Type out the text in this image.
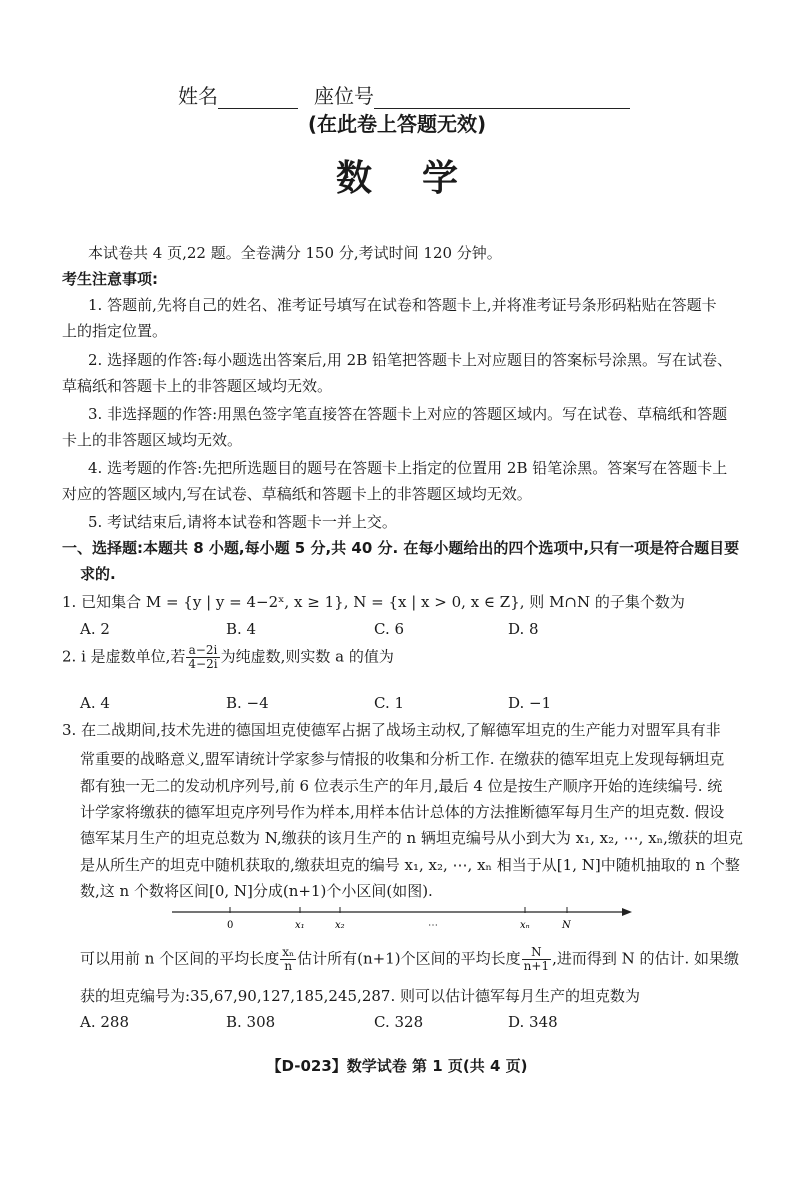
姓名	座位号
(在此卷上答题无效)
数学
本试卷共 4 页,22 题。全卷满分 150 分,考试时间 120 分钟。
考生注意事项:
1. 答题前,先将自己的姓名、准考证号填写在试卷和答题卡上,并将准考证号条形码粘贴在答题卡
上的指定位置。
2. 选择题的作答:每小题选出答案后,用 2B 铅笔把答题卡上对应题目的答案标号涂黑。写在试卷、
草稿纸和答题卡上的非答题区域均无效。
3. 非选择题的作答:用黑色签字笔直接答在答题卡上对应的答题区域内。写在试卷、草稿纸和答题
卡上的非答题区域均无效。
4. 选考题的作答:先把所选题目的题号在答题卡上指定的位置用 2B 铅笔涂黑。答案写在答题卡上
对应的答题区域内,写在试卷、草稿纸和答题卡上的非答题区域均无效。
5. 考试结束后,请将本试卷和答题卡一并上交。
一、选择题:本题共 8 小题,每小题 5 分,共 40 分. 在每小题给出的四个选项中,只有一项是符合题目要
求的.
1. 已知集合 M = {y | y = 4−2ˣ, x ≥ 1}, N = {x | x > 0, x ∈ Z}, 则 M∩N 的子集个数为
A. 2	B. 4	C. 6	D. 8
2. i 是虚数单位,若 $\frac{a-2i}{4-2i}$ 为纯虚数,则实数 a 的值为
A. 4	B. −4	C. 1	D. −1
3. 在二战期间,技术先进的德国坦克使德军占据了战场主动权,了解德军坦克的生产能力对盟军具有非
常重要的战略意义,盟军请统计学家参与情报的收集和分析工作. 在缴获的德军坦克上发现每辆坦克
都有独一无二的发动机序列号,前 6 位表示生产的年月,最后 4 位是按生产顺序开始的连续编号. 统
计学家将缴获的德军坦克序列号作为样本,用样本估计总体的方法推断德军每月生产的坦克数. 假设
德军某月生产的坦克总数为 N,缴获的该月生产的 n 辆坦克编号从小到大为 x₁, x₂, ⋯, xₙ,缴获的坦克
是从所生产的坦克中随机获取的,缴获坦克的编号 x₁, x₂, ⋯, xₙ 相当于从[1, N]中随机抽取的 n 个整
数,这 n 个数将区间[0, N]分成(n+1)个小区间(如图).
0	x₁	x₂	⋯	xₙ	N
可以用前 n 个区间的平均长度 $\frac{\text{xₙ}}{n}$ 估计所有(n+1)个区间的平均长度 $\frac{N}{n+1}$ ,进而得到 N 的估计. 如果缴
获的坦克编号为:35,67,90,127,185,245,287. 则可以估计德军每月生产的坦克数为
A. 288	B. 308	C. 328	D. 348
【D-023】数学试卷 第 1 页(共 4 页)
